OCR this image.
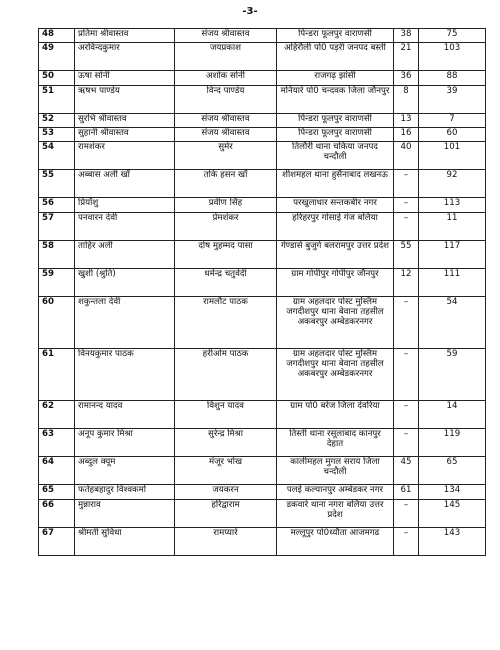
-3-
48	प्रतिमा श्रीवास्तव	संजय श्रीवास्तव	पिन्डरा फूलपुर वाराणसी	38	75
49	अरविन्दकुमार	जयप्रकाश	अहिरौली पो0 पड़री जनपद बस्ती	21	103
50	ऊषा सोनी	अशोक सोनी	राजगढ़ झांसी	36	88
51	ऋषभ पाण्डेय	विन्द पाण्डेय	मनियारे पो0 चन्दवक जिला जौनपुर	8	39
52	सुरभि श्रीवास्तव	संजय श्रीवास्तव	पिन्डरा फूलपुर वाराणसी	13	7
53	सुहानी श्रीवास्तव	संजय श्रीवास्तव	पिन्डरा फूलपुर वाराणसी	16	60
54	रामशंकर	सुमेर	तिलौरी थाना चकिया जनपद चन्दौली	40	101
55	अब्बास अली खॉ	तकि हसन खॉ	शीशमहल थाना हुसैनाबाद लखनऊ	–	92
56	प्रियॉशु	प्रवीण सिंह	परखुलाधार सन्तकबीर नगर	–	113
57	पनवारन देवी	प्रेमशंकर	हरिहरपुर गोसाई गंज बलिया	–	11
58	ताहिर अली	दोष मुहम्मद पासा	गेण्डार्स बुजुर्ग बलरामपुर उत्तर प्रदेश	55	117
59	खुशी (श्रुति)	धर्मेन्द्र चतुर्वेदी	ग्राम गोपीपुर गोपीपुर जौनपुर	12	111
60	शकुन्तला देवी	रामलौट पाठक	ग्राम अहलदार पोस्ट मुस्लिम जगदीशपुर थाना बेवाना तहसील अकबरपुर अम्बेडकरनगर	–	54
61	विनयकुमार पाठक	हरीओम पाठक	ग्राम अहलदार पोस्ट मुस्लिम जगदीशपुर थाना बेवाना तहसील अकबरपुर अम्बेडकरनगर	–	59
62	रामानन्द यादव	विशुन यादव	ग्राम पो0 बरेज जिला देवरिया	–	14
63	अनूप कुमार मिश्रा	सुरेन्द्र मिश्रा	तिस्ती थाना रसूलाबाद कानपुर देहात	–	119
64	अब्दुल क्यूम	मंजूर भोख	कालीमहल मुगल सराय जिला चन्दौली	45	65
65	फतेहबहादुर विश्वकर्मा	जयकरन	पलई कल्यानपुर अम्बेडकर नगर	61	134
66	मुन्नाराव	हरिद्वाराम	डकवारे थाना नगरा बलिया उत्तर प्रदेश	–	145
67	श्रीमती सुविधा	रामप्यारे	मल्लूपुर पो0ध्यौता आजमगढ	–	143
